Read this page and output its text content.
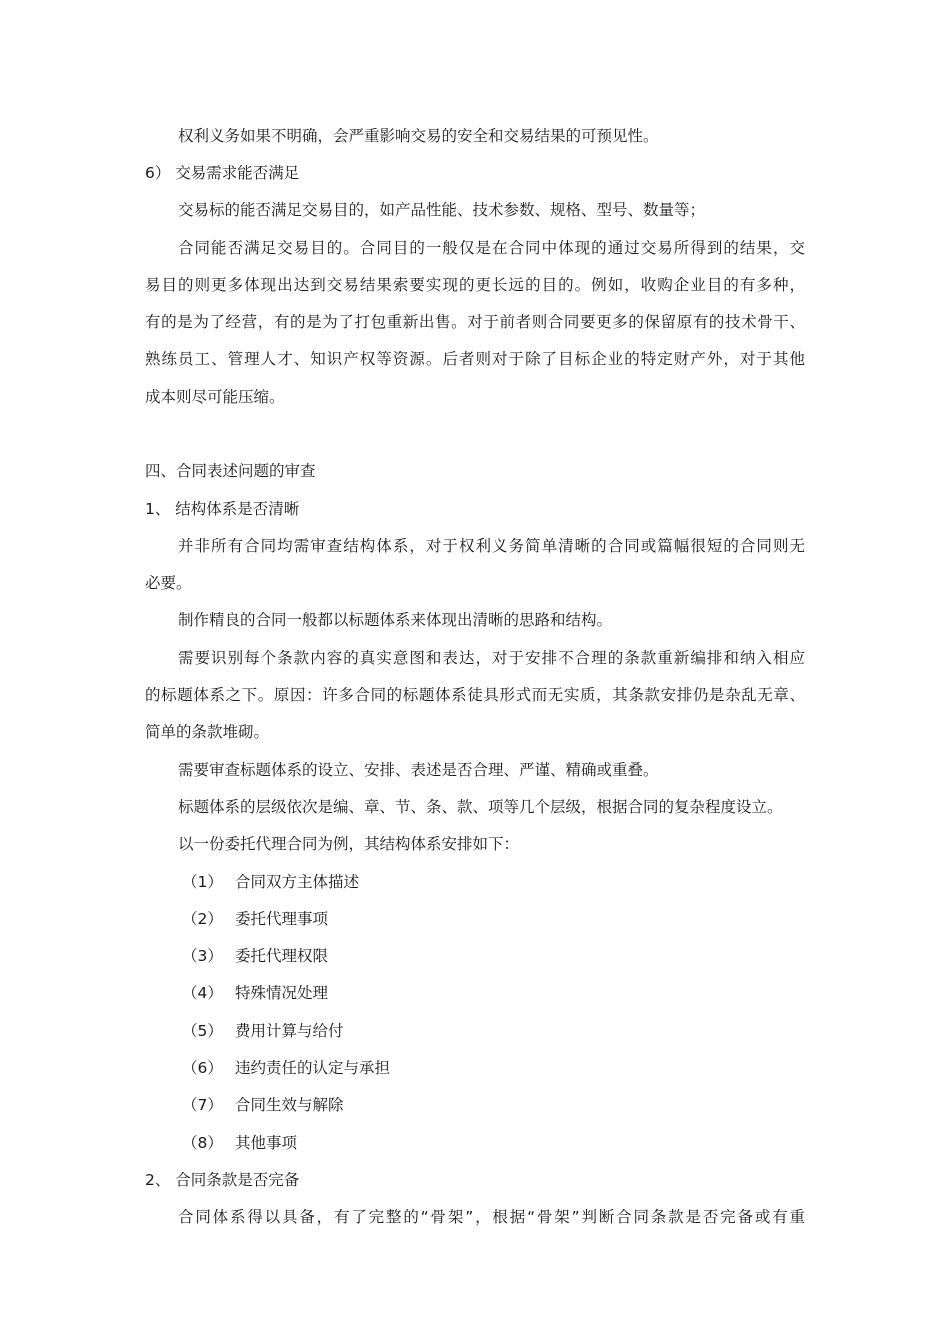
权利义务如果不明确，会严重影响交易的安全和交易结果的可预见性。
6） 交易需求能否满足
交易标的能否满足交易目的，如产品性能、技术参数、规格、型号、数量等；
合同能否满足交易目的。合同目的一般仅是在合同中体现的通过交易所得到的结果，交
易目的则更多体现出达到交易结果索要实现的更长远的目的。例如，收购企业目的有多种，
有的是为了经营，有的是为了打包重新出售。对于前者则合同要更多的保留原有的技术骨干、
熟练员工、管理人才、知识产权等资源。后者则对于除了目标企业的特定财产外，对于其他
成本则尽可能压缩。
四、合同表述问题的审查
1、 结构体系是否清晰
并非所有合同均需审查结构体系，对于权利义务简单清晰的合同或篇幅很短的合同则无
必要。
制作精良的合同一般都以标题体系来体现出清晰的思路和结构。
需要识别每个条款内容的真实意图和表达，对于安排不合理的条款重新编排和纳入相应
的标题体系之下。原因：许多合同的标题体系徒具形式而无实质，其条款安排仍是杂乱无章、
简单的条款堆砌。
需要审查标题体系的设立、安排、表述是否合理、严谨、精确或重叠。
标题体系的层级依次是编、章、节、条、款、项等几个层级，根据合同的复杂程度设立。
以一份委托代理合同为例，其结构体系安排如下：
（1） 合同双方主体描述
（2） 委托代理事项
（3） 委托代理权限
（4） 特殊情况处理
（5） 费用计算与给付
（6） 违约责任的认定与承担
（7） 合同生效与解除
（8） 其他事项
2、 合同条款是否完备
合同体系得以具备，有了完整的“骨架”，根据“骨架”判断合同条款是否完备或有重
